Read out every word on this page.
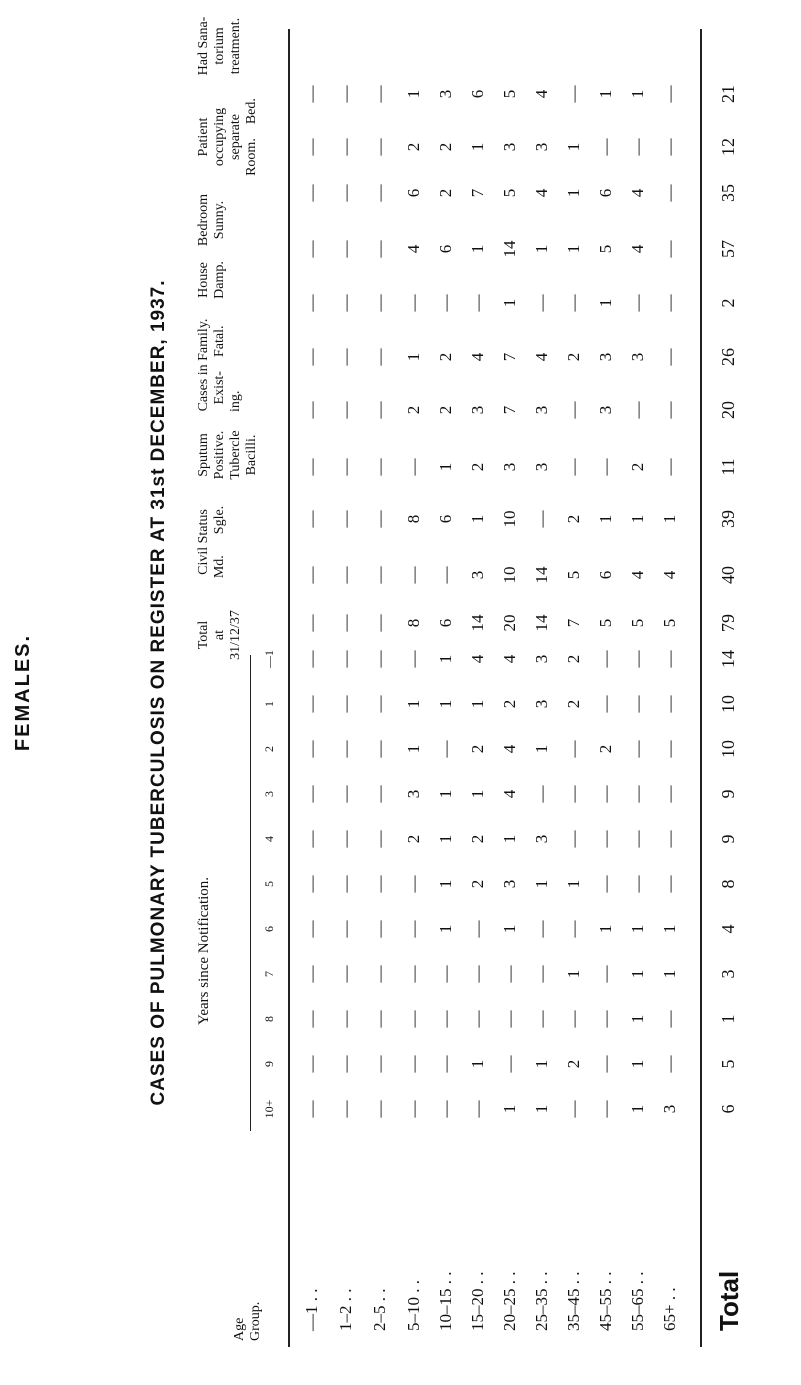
FEMALES.	CASES OF PULMONARY TUBERCULOSIS ON REGISTER AT 31st DECEMBER, 1937.
Age
Group.
Years since Notification.
10+
9
8
7
6
5
4
3
2
1
—1
Total at 31/12/37
Civil Status Md.      Sgle.
Sputum Positive. Tubercle Bacilli.
Cases in Family. Exist-    Fatal.
ing.
House Damp.
Bedroom Sunny.
Patient occupying separate Room.    Bed.
Had Sana- torium treatment.
—1 . .
—
—
—
—
—
—
—
—
—
—
—
—
—
—
—
—
—
—
—
—
—
—
1–2 . .
—
—
—
—
—
—
—
—
—
—
—
—
—
—
—
—
—
—
—
—
—
—
2–5 . .
—
—
—
—
—
—
—
—
—
—
—
—
—
—
—
—
—
—
—
—
—
—
5–10 . .
—
—
—
—
—
—
2
3
1
1
—
8
—
8
—
2
1
—
4
6
2
1
10–15 . .
—
—
—
—
1
1
1
1
—
1
1
6
—
6
1
2
2
—
6
2
2
3
15–20 . .
—
1
—
—
—
2
2
1
2
1
4
14
3
1
2
3
4
—
1
7
1
6
20–25 . .
1
—
—
—
1
3
1
4
4
2
4
20
10
10
3
7
7
1
14
5
3
5
25–35 . .
1
1
—
—
—
1
3
—
1
3
3
14
14
—
3
3
4
—
1
4
3
4
35–45 . .
—
2
—
1
—
1
—
—
—
2
2
7
5
2
—
—
2
—
1
1
1
—
45–55 . .
—
—
—
—
1
—
—
—
2
—
—
5
6
1
—
3
3
1
5
6
—
1
55–65 . .
1
1
1
1
1
—
—
—
—
—
—
5
4
1
2
—
3
—
4
4
—
1
65+ . .
3
—
—
1
1
—
—
—
—
—
—
5
4
1
—
—
—
—
—
—
—
—
Total
6
5
1
3
4
8
9
9
10
10
14
79
40
39
11
20
26
2
57
35
12
21
